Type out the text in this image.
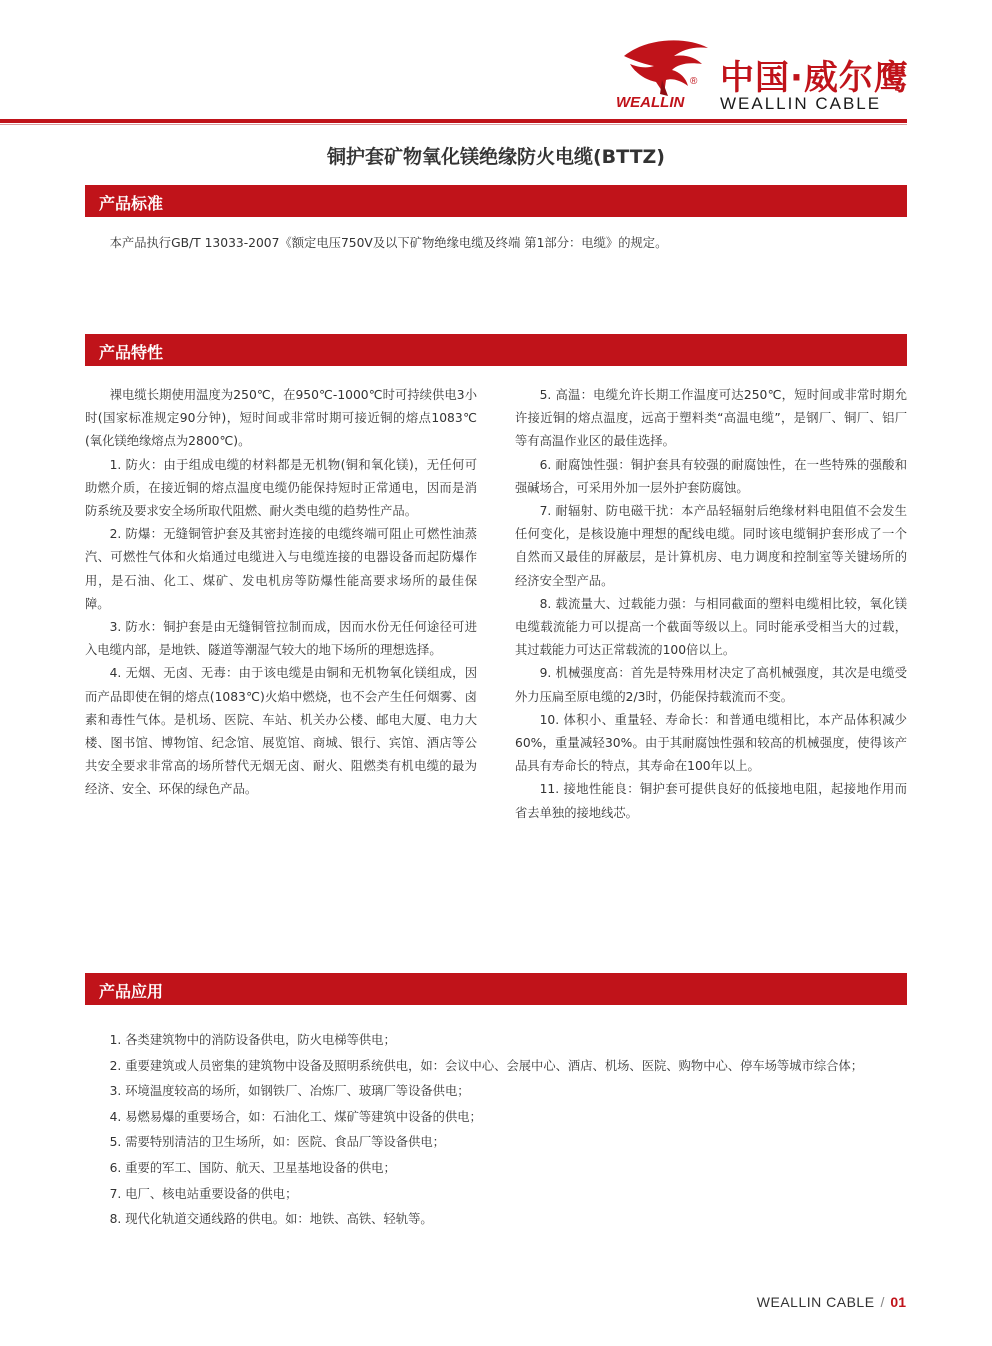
®
WEALLIN
中国·威尔鹰
WEALLIN CABLE
铜护套矿物氧化镁绝缘防火电缆(BTTZ)
产品标准
本产品执行GB/T 13033-2007《额定电压750V及以下矿物绝缘电缆及终端 第1部分：电缆》的规定。
产品特性

裸电缆长期使用温度为250℃，在950℃-1000℃时可持续供电3小时(国家标准规定90分钟)，短时间或非常时期可接近铜的熔点1083℃(氧化镁绝缘熔点为2800℃)。

1. 防火：由于组成电缆的材料都是无机物(铜和氧化镁)，无任何可助燃介质，在接近铜的熔点温度电缆仍能保持短时正常通电，因而是消防系统及要求安全场所取代阻燃、耐火类电缆的趋势性产品。

2. 防爆：无缝铜管护套及其密封连接的电缆终端可阻止可燃性油蒸汽、可燃性气体和火焰通过电缆进入与电缆连接的电器设备而起防爆作用，是石油、化工、煤矿、发电机房等防爆性能高要求场所的最佳保障。

3. 防水：铜护套是由无缝铜管拉制而成，因而水份无任何途径可进入电缆内部，是地铁、隧道等潮湿气较大的地下场所的理想选择。

4. 无烟、无卤、无毒：由于该电缆是由铜和无机物氧化镁组成，因而产品即使在铜的熔点(1083℃)火焰中燃烧，也不会产生任何烟雾、卤素和毒性气体。是机场、医院、车站、机关办公楼、邮电大厦、电力大楼、图书馆、博物馆、纪念馆、展览馆、商城、银行、宾馆、酒店等公共安全要求非常高的场所替代无烟无卤、耐火、阻燃类有机电缆的最为经济、安全、环保的绿色产品。

5. 高温：电缆允许长期工作温度可达250℃，短时间或非常时期允许接近铜的熔点温度，远高于塑料类“高温电缆”，是钢厂、铜厂、铝厂等有高温作业区的最佳选择。

6. 耐腐蚀性强：铜护套具有较强的耐腐蚀性，在一些特殊的强酸和强碱场合，可采用外加一层外护套防腐蚀。

7. 耐辐射、防电磁干扰：本产品轻辐射后绝缘材料电阻值不会发生任何变化，是核设施中理想的配线电缆。同时该电缆铜护套形成了一个自然而又最佳的屏蔽层，是计算机房、电力调度和控制室等关键场所的经济安全型产品。

8. 载流量大、过载能力强：与相同截面的塑料电缆相比较，氧化镁电缆载流能力可以提高一个截面等级以上。同时能承受相当大的过载，其过载能力可达正常载流的100倍以上。

9. 机械强度高：首先是特殊用材决定了高机械强度，其次是电缆受外力压扁至原电缆的2/3时，仍能保持载流而不变。

10. 体积小、重量轻、寿命长：和普通电缆相比，本产品体积减少60%，重量减轻30%。由于其耐腐蚀性强和较高的机械强度，使得该产品具有寿命长的特点，其寿命在100年以上。

11. 接地性能良：铜护套可提供良好的低接地电阻，起接地作用而省去单独的接地线芯。

产品应用

1. 各类建筑物中的消防设备供电，防火电梯等供电；

2. 重要建筑或人员密集的建筑物中设备及照明系统供电，如：会议中心、会展中心、酒店、机场、医院、购物中心、停车场等城市综合体；

3. 环境温度较高的场所，如钢铁厂、冶炼厂、玻璃厂等设备供电；

4. 易燃易爆的重要场合，如：石油化工、煤矿等建筑中设备的供电；

5. 需要特别清洁的卫生场所，如：医院、食品厂等设备供电；

6. 重要的军工、国防、航天、卫星基地设备的供电；

7. 电厂、核电站重要设备的供电；

8. 现代化轨道交通线路的供电。如：地铁、高铁、轻轨等。

WEALLIN CABLE / 01
